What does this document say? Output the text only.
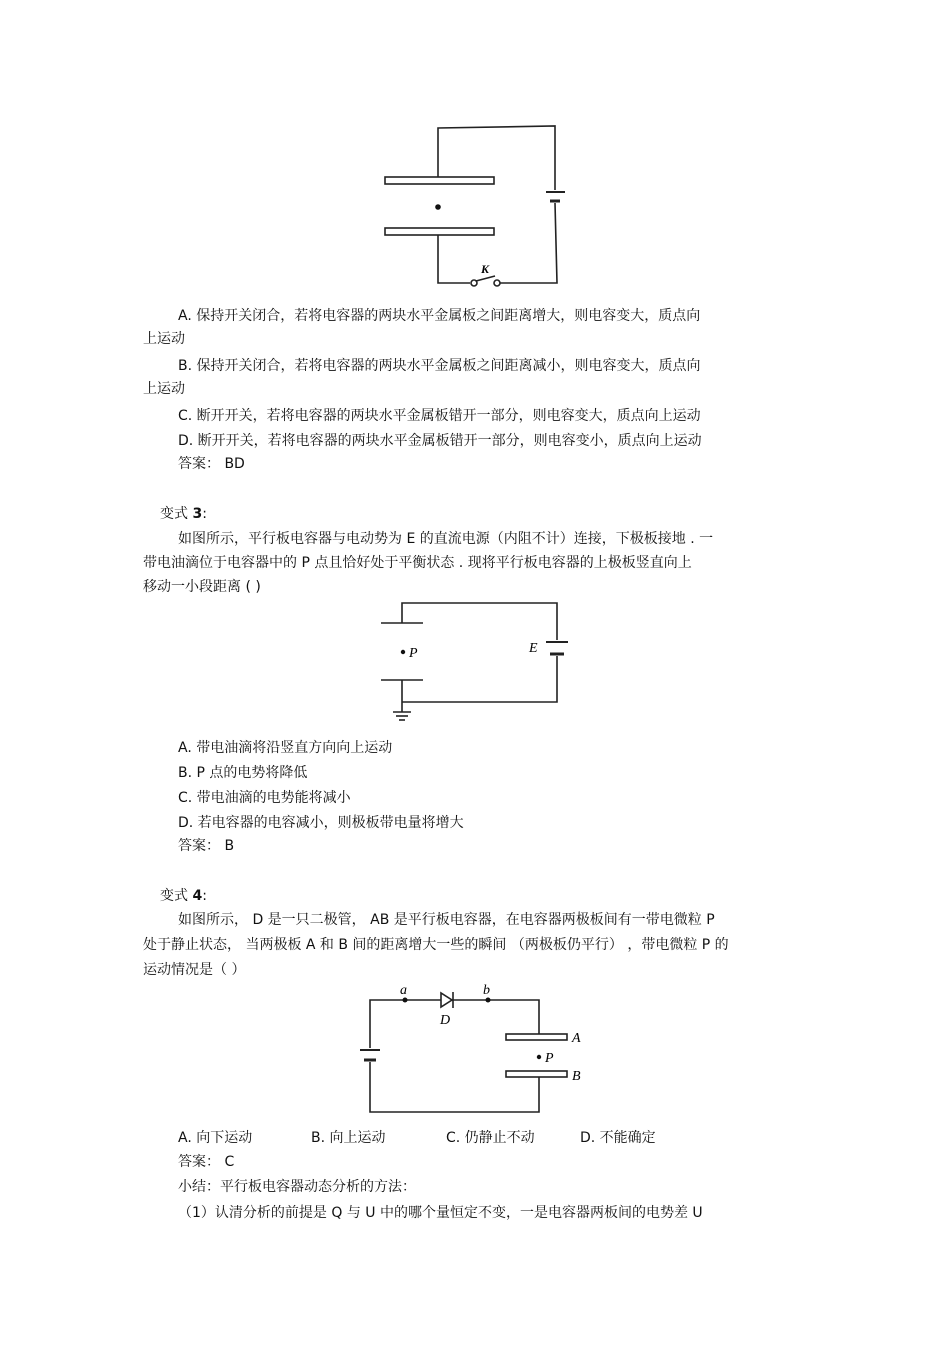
K
A. 保持开关闭合，若将电容器的两块水平金属板之间距离增大，则电容变大，质点向
上运动
B. 保持开关闭合，若将电容器的两块水平金属板之间距离减小，则电容变大，质点向
上运动
C. 断开开关，若将电容器的两块水平金属板错开一部分，则电容变大，质点向上运动
D. 断开开关，若将电容器的两块水平金属板错开一部分，则电容变小，质点向上运动
答案： BD
变式 3:
如图所示，平行板电容器与电动势为 E 的直流电源（内阻不计）连接，下极板接地 . 一
带电油滴位于电容器中的 P 点且恰好处于平衡状态 . 现将平行板电容器的上极板竖直向上
移动一小段距离 ( )
P	E
A. 带电油滴将沿竖直方向向上运动
B. P 点的电势将降低
C. 带电油滴的电势能将减小
D. 若电容器的电容减小，则极板带电量将增大
答案： B
变式 4:
如图所示， D 是一只二极管， AB 是平行板电容器，在电容器两极板间有一带电微粒 P
处于静止状态， 当两极板 A 和 B 间的距离增大一些的瞬间 （两极板仍平行） ，带电微粒 P 的
运动情况是（ ）
a	b
D
P
A
B
A. 向下运动	B. 向上运动	C. 仍静止不动	D. 不能确定
答案： C
小结：平行板电容器动态分析的方法：
（1）认清分析的前提是 Q 与 U 中的哪个量恒定不变，一是电容器两板间的电势差 U
